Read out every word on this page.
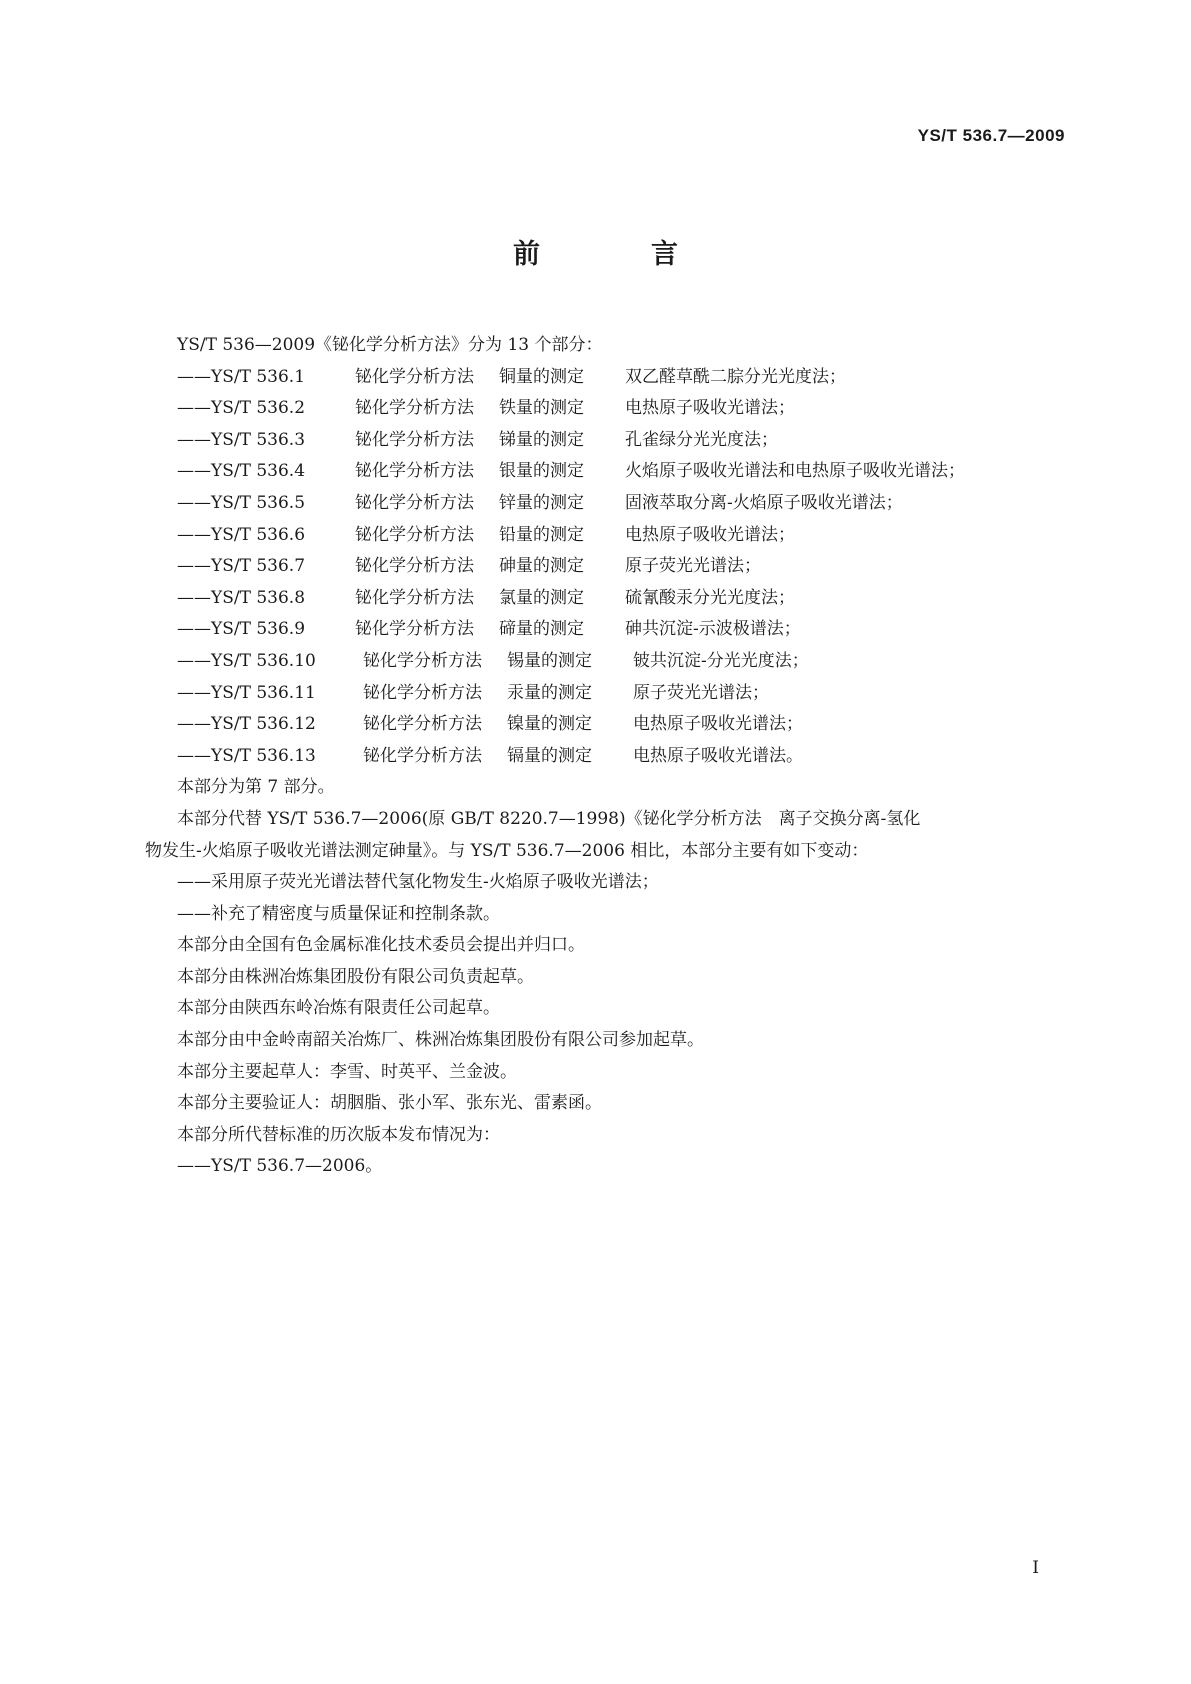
YS/T 536.7—2009
前　言
YS/T 536—2009《铋化学分析方法》分为 13 个部分：
——YS/T 536.1	铋化学分析方法 铜量的测定 双乙醛草酰二腙分光光度法；
——YS/T 536.2	铋化学分析方法 铁量的测定 电热原子吸收光谱法；
——YS/T 536.3	铋化学分析方法 锑量的测定 孔雀绿分光光度法；
——YS/T 536.4	铋化学分析方法 银量的测定 火焰原子吸收光谱法和电热原子吸收光谱法；
——YS/T 536.5	铋化学分析方法 锌量的测定 固液萃取分离-火焰原子吸收光谱法；
——YS/T 536.6	铋化学分析方法 铅量的测定 电热原子吸收光谱法；
——YS/T 536.7	铋化学分析方法 砷量的测定 原子荧光光谱法；
——YS/T 536.8	铋化学分析方法 氯量的测定 硫氰酸汞分光光度法；
——YS/T 536.9	铋化学分析方法 碲量的测定 砷共沉淀-示波极谱法；
——YS/T 536.10	铋化学分析方法 锡量的测定 铍共沉淀-分光光度法；
——YS/T 536.11	铋化学分析方法 汞量的测定 原子荧光光谱法；
——YS/T 536.12	铋化学分析方法 镍量的测定 电热原子吸收光谱法；
——YS/T 536.13	铋化学分析方法 镉量的测定 电热原子吸收光谱法。
本部分为第 7 部分。
本部分代替 YS/T 536.7—2006(原 GB/T 8220.7—1998)《铋化学分析方法　离子交换分离-氢化
物发生-火焰原子吸收光谱法测定砷量》。与 YS/T 536.7—2006 相比，本部分主要有如下变动：
——采用原子荧光光谱法替代氢化物发生-火焰原子吸收光谱法；
——补充了精密度与质量保证和控制条款。
本部分由全国有色金属标准化技术委员会提出并归口。
本部分由株洲冶炼集团股份有限公司负责起草。
本部分由陕西东岭冶炼有限责任公司起草。
本部分由中金岭南韶关冶炼厂、株洲冶炼集团股份有限公司参加起草。
本部分主要起草人：李雪、时英平、兰金波。
本部分主要验证人：胡胭脂、张小军、张东光、雷素函。
本部分所代替标准的历次版本发布情况为：
——YS/T 536.7—2006。
I
